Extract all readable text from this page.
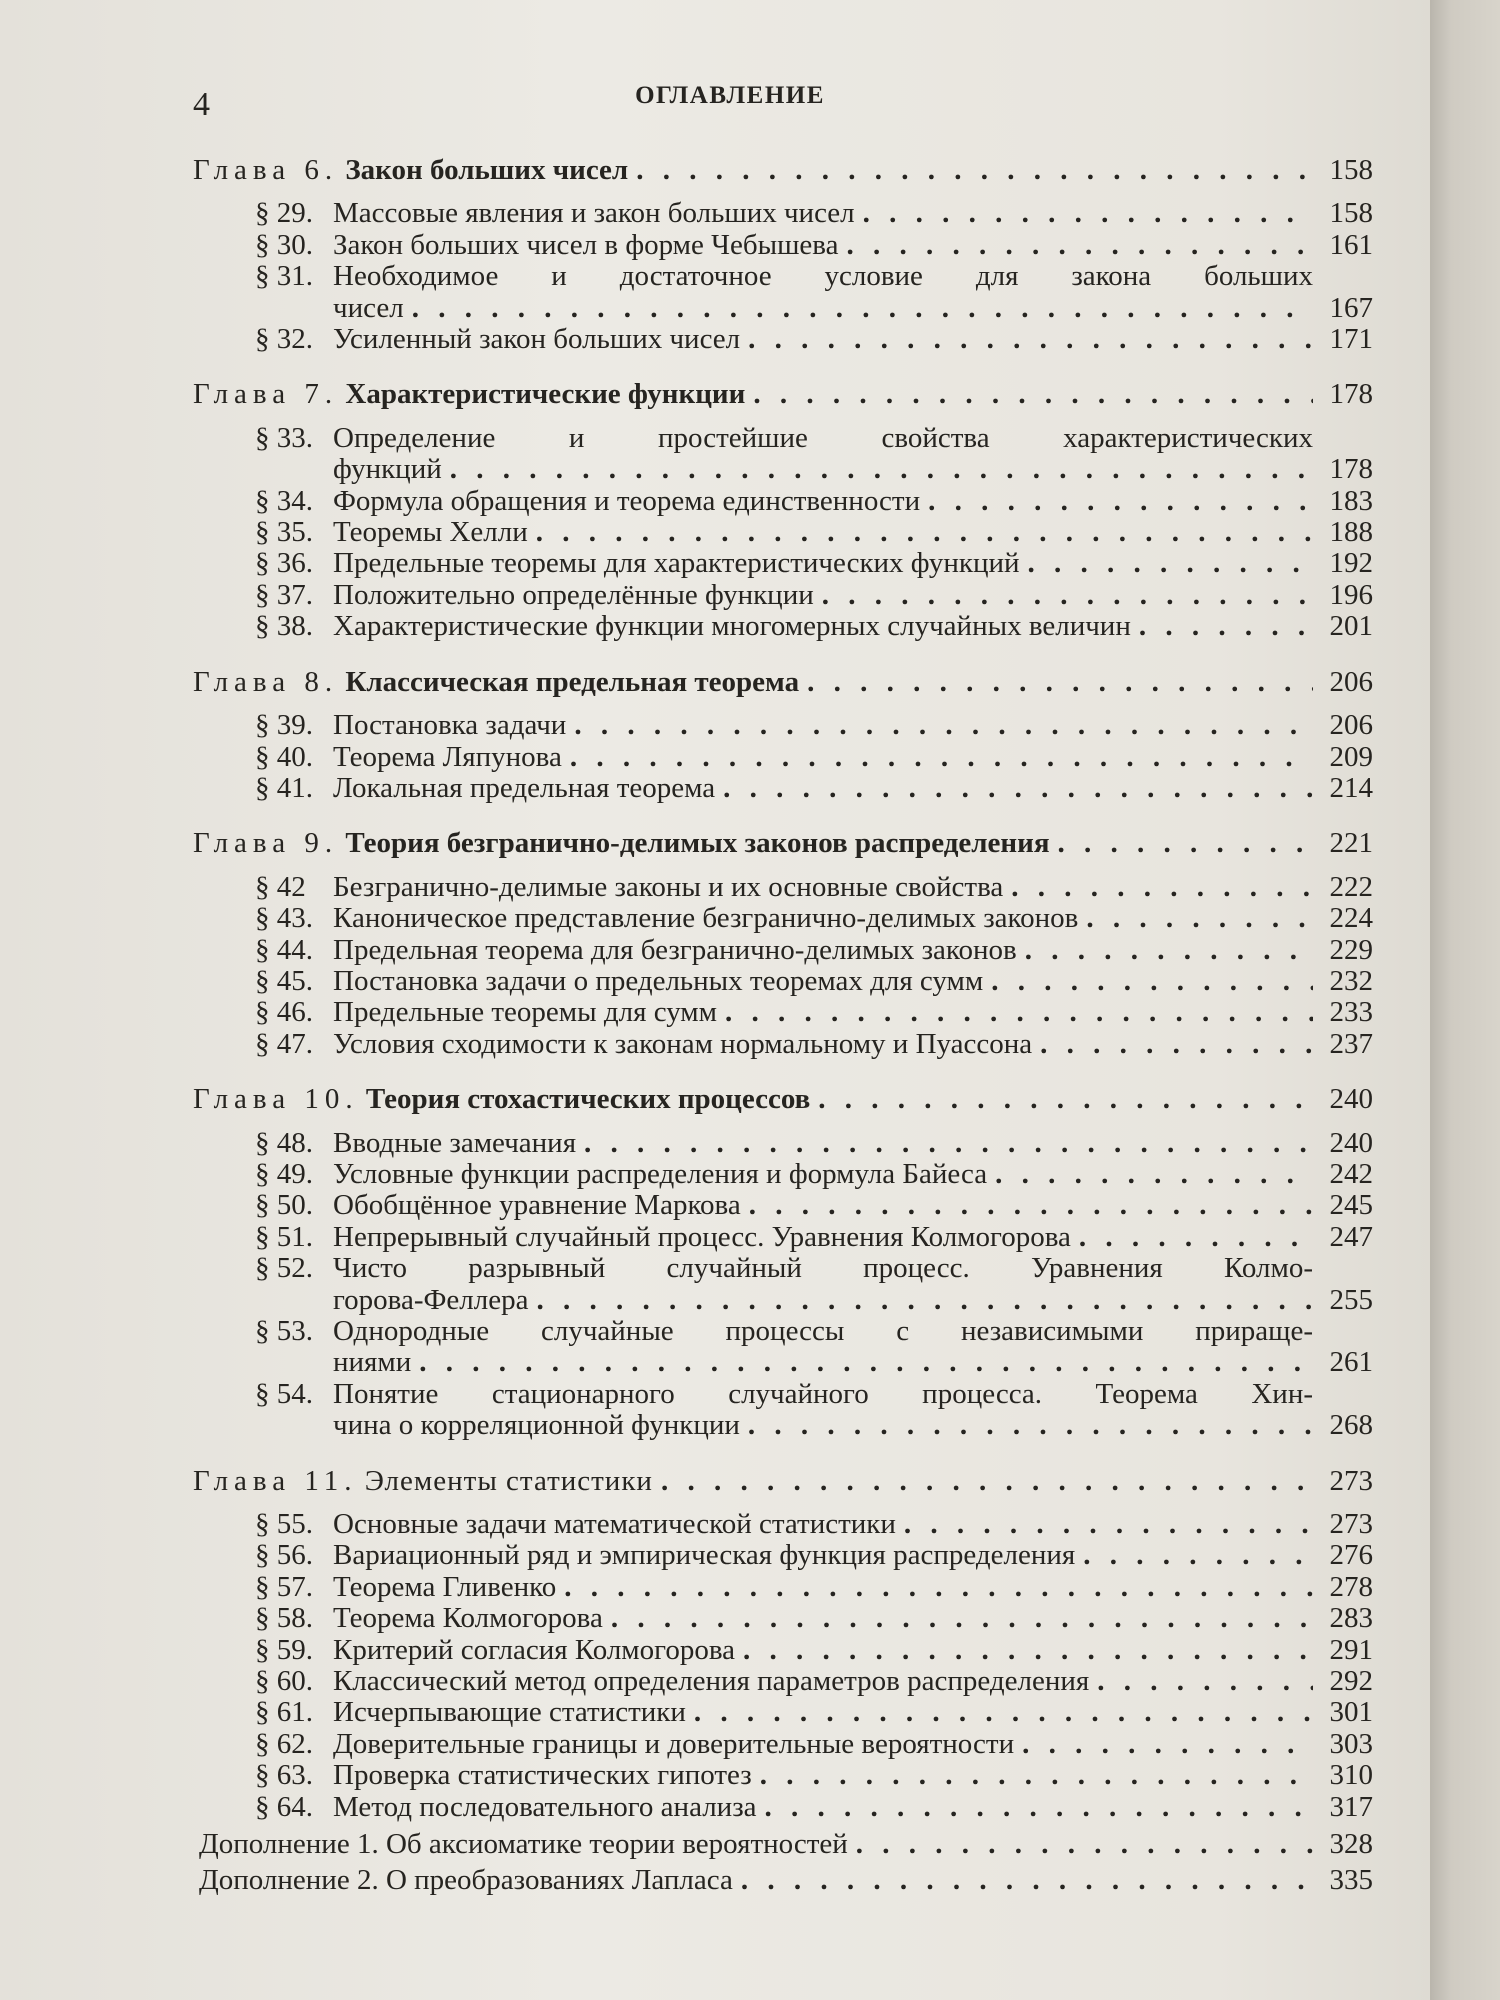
4	ОГЛАВЛЕНИЕ
Глава 6. Закон больших чисел . . .	158
§ 29. Массовые явления и закон больших чисел . . .	158
§ 30. Закон больших чисел в форме Чебышева . . .	161
§ 31. Необходимое и достаточное условие для закона больших
чисел . . .	167
§ 32. Усиленный закон больших чисел . . .	171
Глава 7. Характеристические функции . . .	178
§ 33. Определение и простейшие свойства характеристических
функций . . .	178
§ 34. Формула обращения и теорема единственности . . .	183
§ 35. Теоремы Хелли . . .	188
§ 36. Предельные теоремы для характеристических функций . . .	192
§ 37. Положительно определённые функции . . .	196
§ 38. Характеристические функции многомерных случайных величин . . .	201
Глава 8. Классическая предельная теорема . . .	206
§ 39. Постановка задачи . . .	206
§ 40. Теорема Ляпунова . . .	209
§ 41. Локальная предельная теорема . . .	214
Глава 9. Теория безгранично-делимых законов распределения . . .	221
§ 42 Безгранично-делимые законы и их основные свойства . . .	222
§ 43. Каноническое представление безгранично-делимых законов . . .	224
§ 44. Предельная теорема для безгранично-делимых законов . . .	229
§ 45. Постановка задачи о предельных теоремах для сумм . . .	232
§ 46. Предельные теоремы для сумм . . .	233
§ 47. Условия сходимости к законам нормальному и Пуассона . . .	237
Глава 10. Теория стохастических процессов . . .	240
§ 48. Вводные замечания . . .	240
§ 49. Условные функции распределения и формула Байеса . . .	242
§ 50. Обобщённое уравнение Маркова . . .	245
§ 51. Непрерывный случайный процесс. Уравнения Колмогорова . . .	247
§ 52. Чисто разрывный случайный процесс. Уравнения Колмо-
горова-Феллера . . .	255
§ 53. Однородные случайные процессы с независимыми прираще-
ниями . . .	261
§ 54. Понятие стационарного случайного процесса. Теорема Хин-
чина о корреляционной функции . . .	268
Глава 11. Элементы статистики . . .	273
§ 55. Основные задачи математической статистики . . .	273
§ 56. Вариационный ряд и эмпирическая функция распределения . . .	276
§ 57. Теорема Гливенко . . .	278
§ 58. Теорема Колмогорова . . .	283
§ 59. Критерий согласия Колмогорова . . .	291
§ 60. Классический метод определения параметров распределения . . .	292
§ 61. Исчерпывающие статистики . . .	301
§ 62. Доверительные границы и доверительные вероятности . . .	303
§ 63. Проверка статистических гипотез . . .	310
§ 64. Метод последовательного анализа . . .	317
Дополнение 1. Об аксиоматике теории вероятностей . . .	328
Дополнение 2. О преобразованиях Лапласа . . .	335
